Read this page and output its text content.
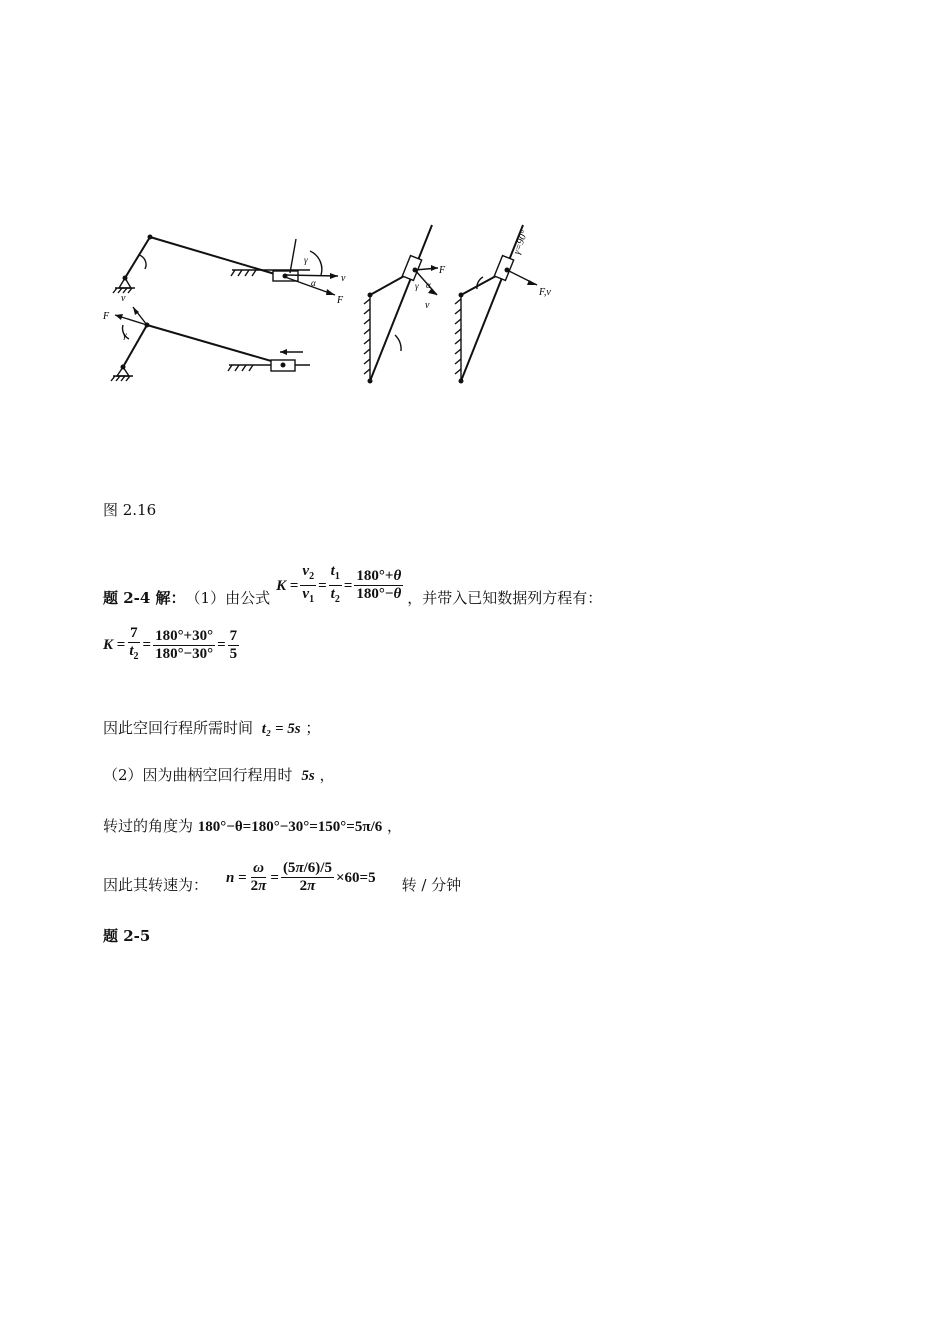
v
F
γ
α
v
F
γ
F
α
γ
v
F,v
γ=90°
图 2.16
题 2-4 解： （1）由公式
$K = \frac{v_2}{v_1} = \frac{t_1}{t_2} = \frac{180^\circ+\theta}{180^\circ-\theta}$ ，并带入已知数据列方程有：
$K = \frac{7}{t_2} = \frac{180^\circ+30^\circ}{180^\circ-30^\circ} = \frac{7}{5}$
因此空回行程所需时间 t₂ = 5s ；
（2）因为曲柄空回行程用时 5s ，
转过的角度为 180°−θ=180°−30°=150°=5π/6 ，
因此其转速为： $n = \frac{\omega}{2\pi} = \frac{(5\pi/6)/5}{2\pi} \times 60=5$ 转 / 分钟
题 2-5
